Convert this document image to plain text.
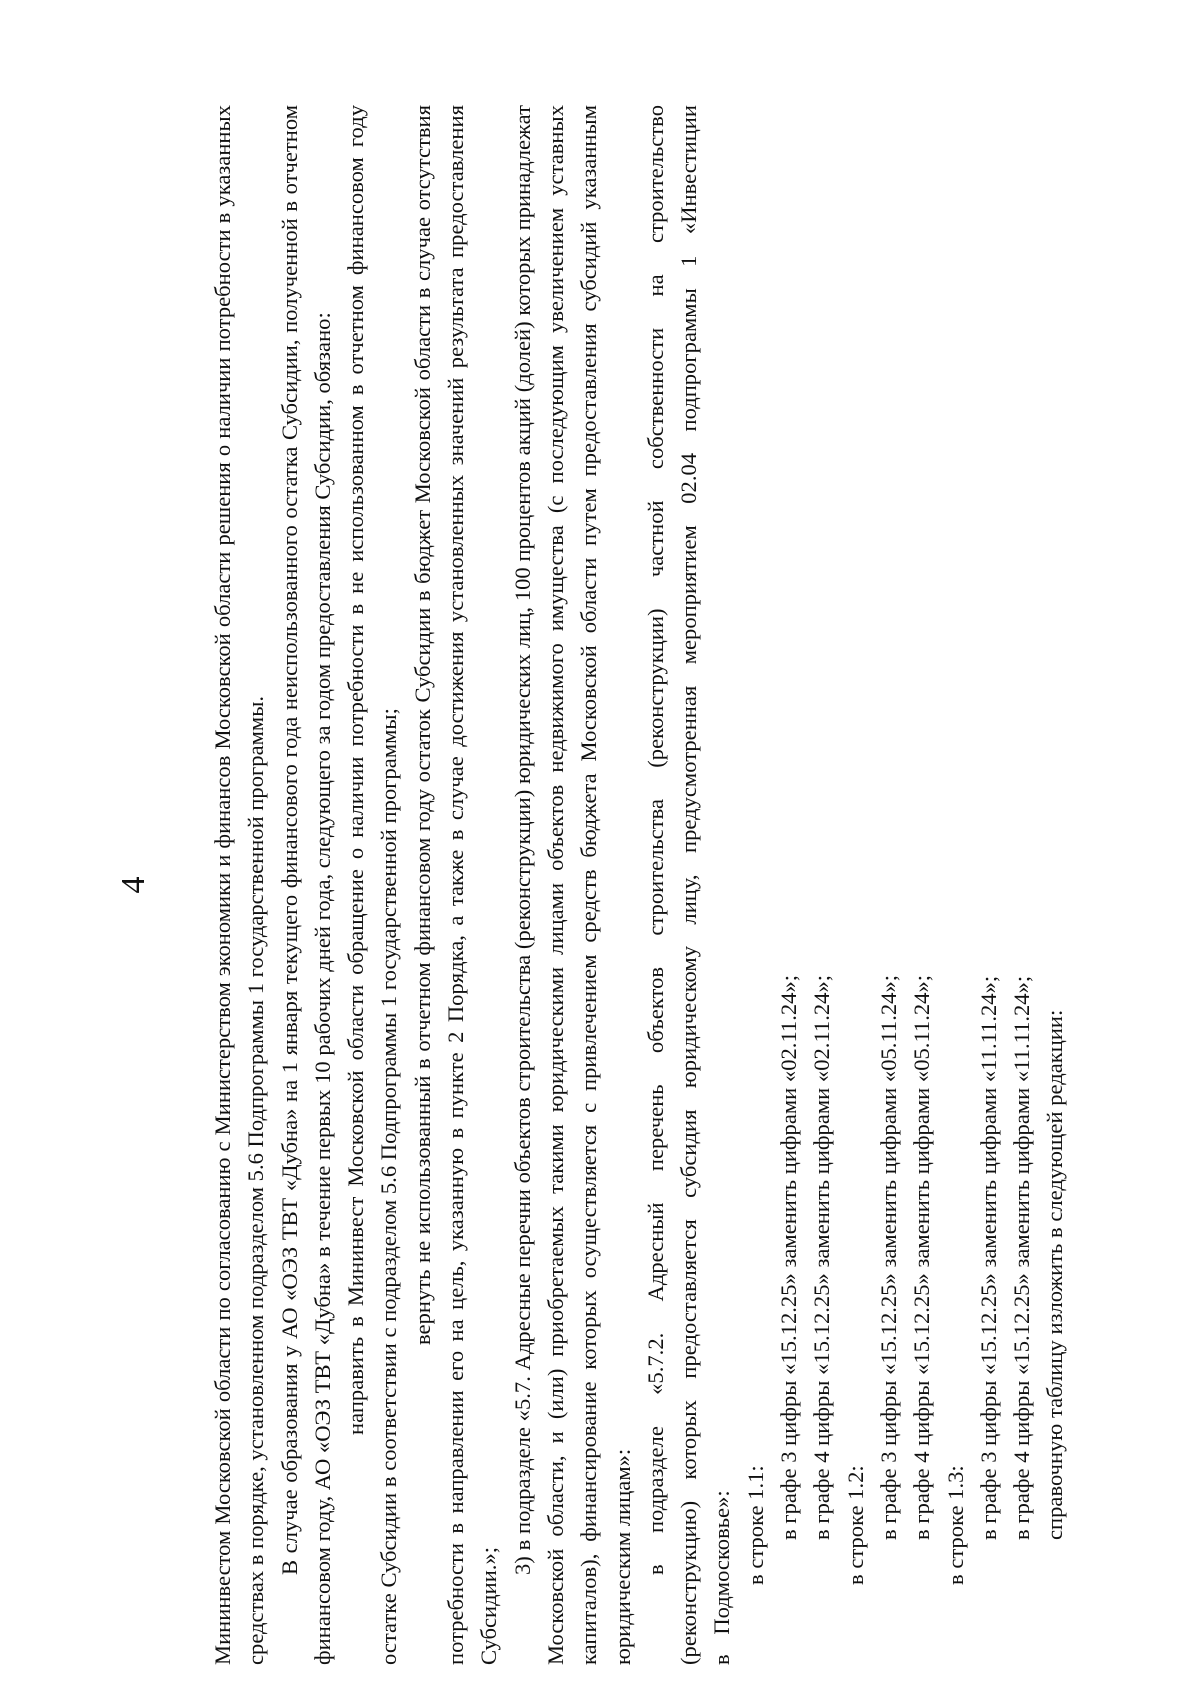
4	Мининвестом Московской области по согласованию с Министерством экономики и финансов Московской области решения о наличии потребности в указанных средствах в порядке, установленном подразделом 5.6 Подпрограммы 1 государственной программы. В случае образования у АО «ОЭЗ ТВТ «Дубна» на 1 января текущего финансового года неиспользованного остатка Субсидии, полученной в отчетном финансовом году, АО «ОЭЗ ТВТ «Дубна» в течение первых 10 рабочих дней года, следующего за годом предоставления Субсидии, обязано: направить в Мининвест Московской области обращение о наличии потребности в не использованном в отчетном финансовом году остатке Субсидии в соответствии с подразделом 5.6 Подпрограммы 1 государственной программы; вернуть не использованный в отчетном финансовом году остаток Субсидии в бюджет Московской области в случае отсутствия потребности в направлении его на цель, указанную в пункте 2 Порядка, а также в случае достижения установленных значений результата предоставления Субсидии.»;

3) в подразделе «5.7. Адресные перечни объектов строительства (реконструкции) юридических лиц, 100 процентов акций (долей) которых принадлежат Московской области, и (или) приобретаемых такими юридическими лицами объектов недвижимого имущества (с последующим увеличением уставных капиталов), финансирование которых осуществляется с привлечением средств бюджета Московской области путем предоставления субсидий указанным юридическим лицам»: в подразделе «5.7.2. Адресный перечень объектов строительства (реконструкции) частной собственности на строительство (реконструкцию) которых предоставляется субсидия юридическому лицу, предусмотренная мероприятием 02.04 подпрограммы 1 «Инвестиции в Подмосковье»: в строке 1.1: в графе 3 цифры «15.12.25» заменить цифрами «02.11.24»; в графе 4 цифры «15.12.25» заменить цифрами «02.11.24»; в строке 1.2: в графе 3 цифры «15.12.25» заменить цифрами «05.11.24»; в графе 4 цифры «15.12.25» заменить цифрами «05.11.24»; в строке 1.3: в графе 3 цифры «15.12.25» заменить цифрами «11.11.24»; в графе 4 цифры «15.12.25» заменить цифрами «11.11.24»; справочную таблицу изложить в следующей редакции:
